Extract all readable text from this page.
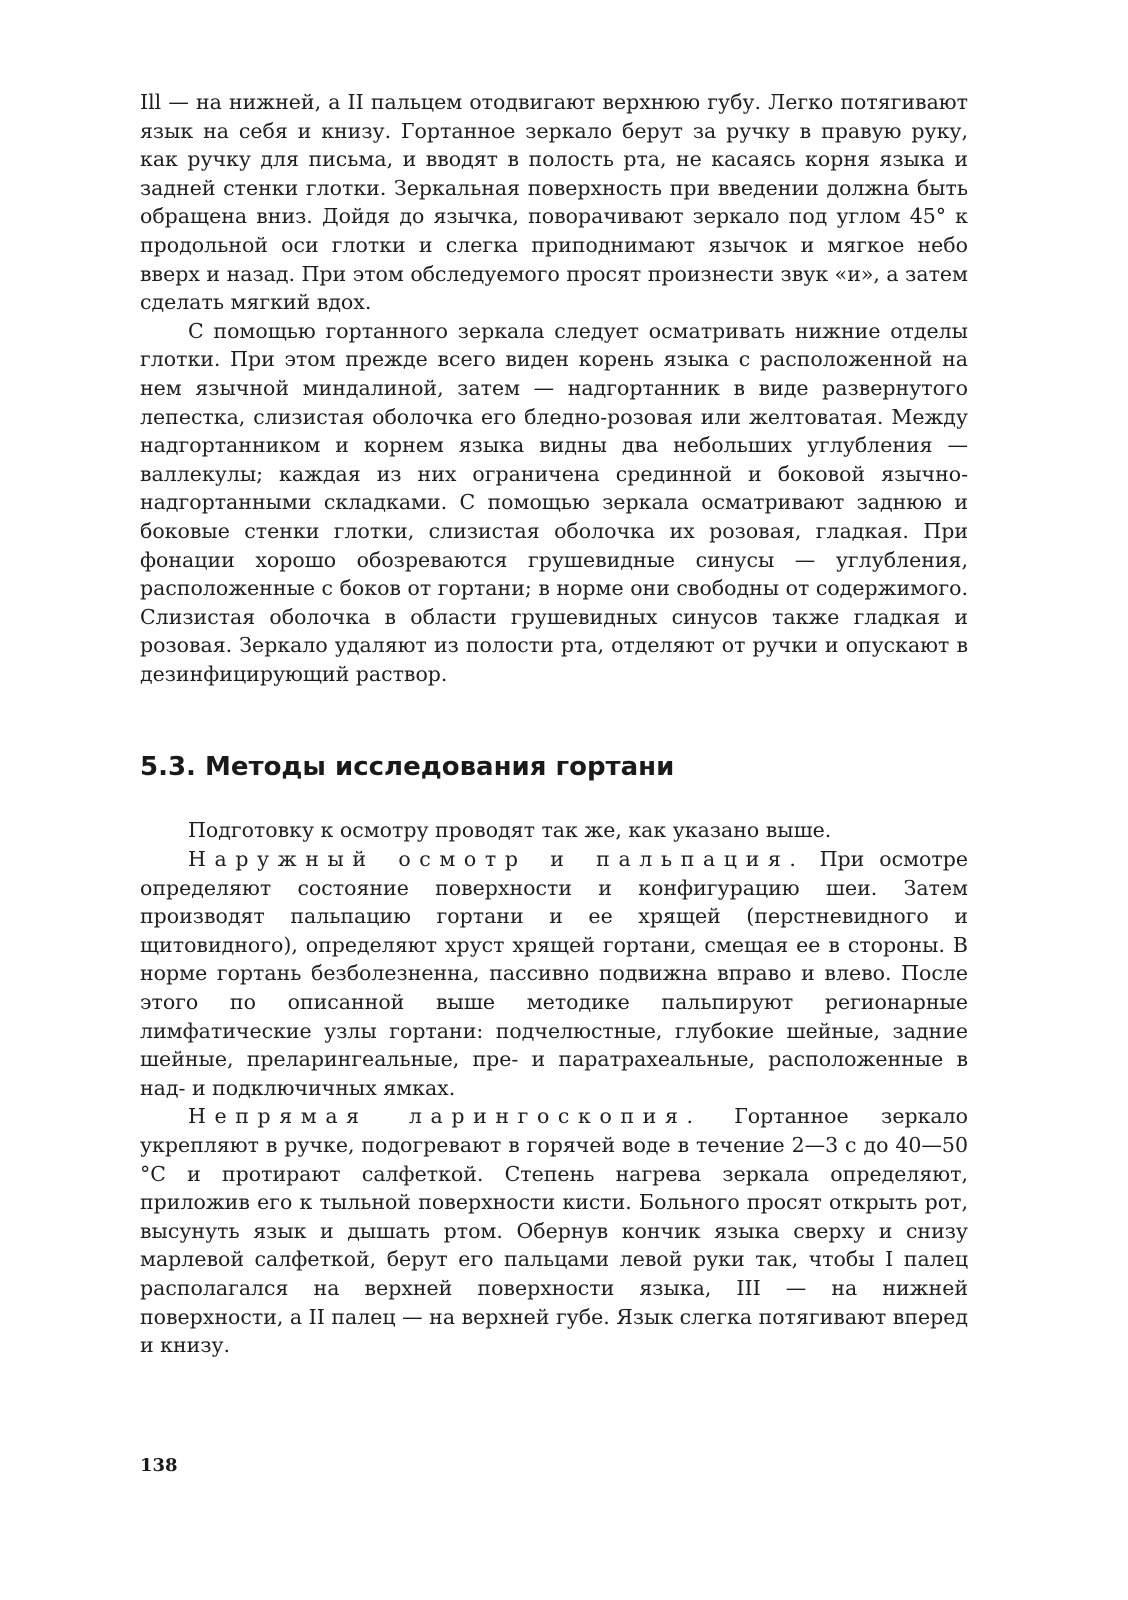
Ill — на нижней, а II пальцем отодвигают верхнюю губу. Легко потягивают язык на себя и книзу. Гортанное зеркало берут за ручку в правую руку, как ручку для письма, и вводят в полость рта, не касаясь корня языка и задней стенки глотки. Зеркальная поверхность при введении должна быть обращена вниз. Дойдя до язычка, поворачивают зеркало под углом 45° к продольной оси глотки и слегка приподнимают язычок и мягкое небо вверх и назад. При этом обследуемого просят произнести звук «и», а затем сделать мягкий вдох.

С помощью гортанного зеркала следует осматривать нижние отделы глотки. При этом прежде всего виден корень языка с расположенной на нем язычной миндалиной, затем — надгортанник в виде развернутого лепестка, слизистая оболочка его бледно-розовая или желтоватая. Между надгортанником и корнем языка видны два небольших углубления — валлекулы; каждая из них ограничена срединной и боковой язычно-надгортанными складками. С помощью зеркала осматривают заднюю и боковые стенки глотки, слизистая оболочка их розовая, гладкая. При фонации хорошо обозреваются грушевидные синусы — углубления, расположенные с боков от гортани; в норме они свободны от содержимого. Слизистая оболочка в области грушевидных синусов также гладкая и розовая. Зеркало удаляют из полости рта, отделяют от ручки и опускают в дезинфицирующий раствор.

5.3. Методы исследования гортани

Подготовку к осмотру проводят так же, как указано выше.

Наружный осмотр и пальпация. При осмотре определяют состояние поверхности и конфигурацию шеи. Затем производят пальпацию гортани и ее хрящей (перстневидного и щитовидного), определяют хруст хрящей гортани, смещая ее в стороны. В норме гортань безболезненна, пассивно подвижна вправо и влево. После этого по описанной выше методике пальпируют регионарные лимфатические узлы гортани: подчелюстные, глубокие шейные, задние шейные, преларингеальные, пре- и паратрахеальные, расположенные в над- и подключичных ямках.

Непрямая ларингоскопия. Гортанное зеркало укрепляют в ручке, подогревают в горячей воде в течение 2—3 с до 40—50 °С и протирают салфеткой. Степень нагрева зеркала определяют, приложив его к тыльной поверхности кисти. Больного просят открыть рот, высунуть язык и дышать ртом. Обернув кончик языка сверху и снизу марлевой салфеткой, берут его пальцами левой руки так, чтобы I палец располагался на верхней поверхности языка, III — на нижней поверхности, а II палец — на верхней губе. Язык слегка потягивают вперед и книзу.

138
